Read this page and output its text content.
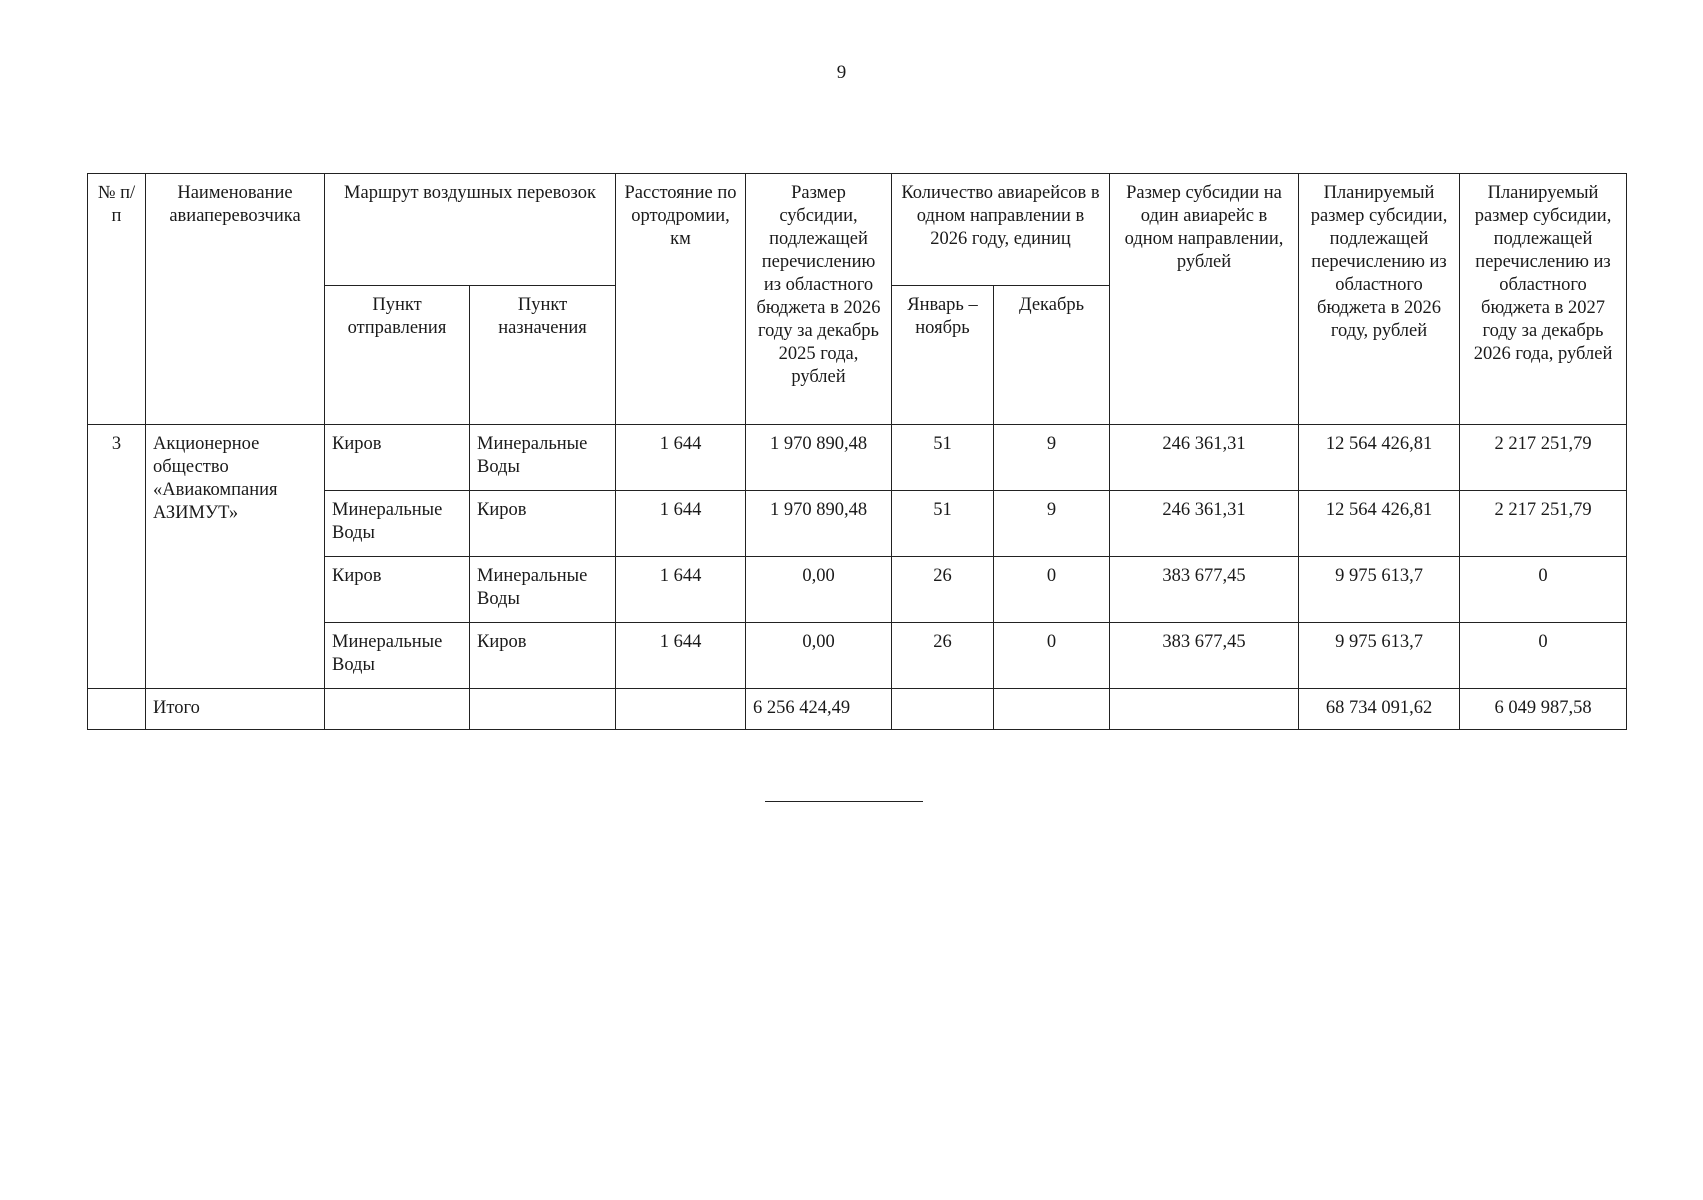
9
№ п/п	Наименование авиаперевозчика	Маршрут воздушных перевозок		Расстояние по ортодромии, км	Размер субсидии, подлежащей перечислению из областного бюджета в 2026 году за декабрь 2025 года, рублей	Количество авиарейсов в одном направлении в 2026 году, единиц		Размер субсидии на один авиарейс в одном направлении, рублей	Планируемый размер субсидии, подлежащей перечислению из областного бюджета в 2026 году, рублей	Планируемый размер субсидии, подлежащей перечислению из областного бюджета в 2027 году за декабрь 2026 года, рублей
		Пункт отправления	Пункт назначения			Январь – ноябрь	Декабрь			
3	Акционерное общество «Авиакомпания АЗИМУТ»	Киров	Минеральные Воды	1 644	1 970 890,48	51	9	246 361,31	12 564 426,81	2 217 251,79
		Минеральные Воды	Киров	1 644	1 970 890,48	51	9	246 361,31	12 564 426,81	2 217 251,79
		Киров	Минеральные Воды	1 644	0,00	26	0	383 677,45	9 975 613,7	0
		Минеральные Воды	Киров	1 644	0,00	26	0	383 677,45	9 975 613,7	0
	Итого				6 256 424,49				68 734 091,62	6 049 987,58
